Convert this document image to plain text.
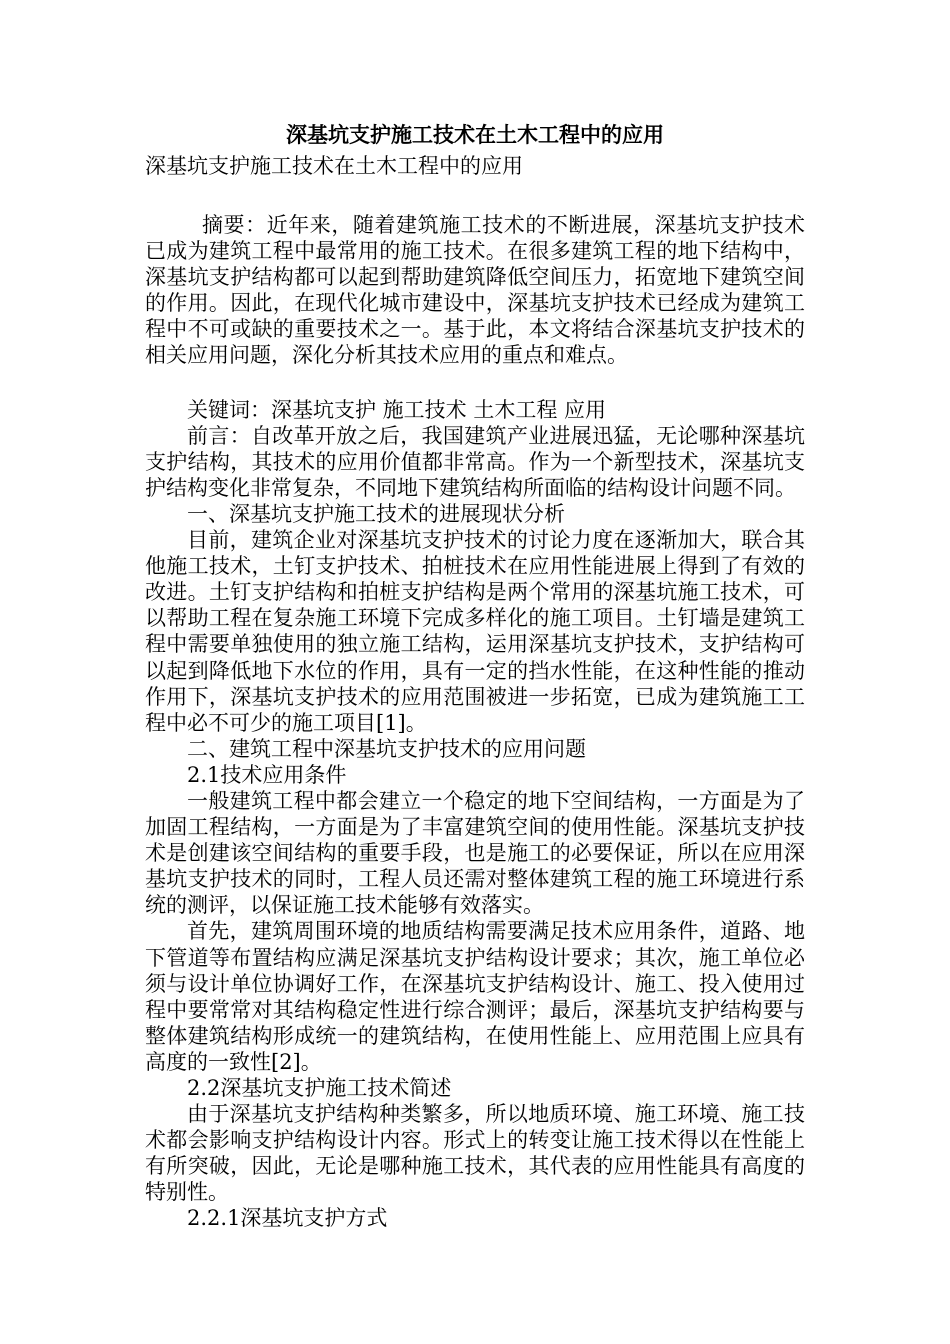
深基坑支护施工技术在土木工程中的应用
深基坑支护施工技术在土木工程中的应用

摘要：近年来，随着建筑施工技术的不断进展，深基坑支护技术已成为建筑工程中最常用的施工技术。在很多建筑工程的地下结构中，深基坑支护结构都可以起到帮助建筑降低空间压力，拓宽地下建筑空间的作用。因此，在现代化城市建设中，深基坑支护技术已经成为建筑工程中不可或缺的重要技术之一。基于此，本文将结合深基坑支护技术的相关应用问题，深化分析其技术应用的重点和难点。

关键词：深基坑支护 施工技术 土木工程 应用

前言：自改革开放之后，我国建筑产业进展迅猛，无论哪种深基坑支护结构，其技术的应用价值都非常高。作为一个新型技术，深基坑支护结构变化非常复杂，不同地下建筑结构所面临的结构设计问题不同。

一、深基坑支护施工技术的进展现状分析

目前，建筑企业对深基坑支护技术的讨论力度在逐渐加大，联合其他施工技术，土钉支护技术、拍桩技术在应用性能进展上得到了有效的改进。土钉支护结构和拍桩支护结构是两个常用的深基坑施工技术，可以帮助工程在复杂施工环境下完成多样化的施工项目。土钉墙是建筑工程中需要单独使用的独立施工结构，运用深基坑支护技术，支护结构可以起到降低地下水位的作用，具有一定的挡水性能，在这种性能的推动作用下，深基坑支护技术的应用范围被进一步拓宽，已成为建筑施工工程中必不可少的施工项目[1]。

二、建筑工程中深基坑支护技术的应用问题

2.1技术应用条件

一般建筑工程中都会建立一个稳定的地下空间结构，一方面是为了加固工程结构，一方面是为了丰富建筑空间的使用性能。深基坑支护技术是创建该空间结构的重要手段，也是施工的必要保证，所以在应用深基坑支护技术的同时，工程人员还需对整体建筑工程的施工环境进行系统的测评，以保证施工技术能够有效落实。

首先，建筑周围环境的地质结构需要满足技术应用条件，道路、地下管道等布置结构应满足深基坑支护结构设计要求；其次，施工单位必须与设计单位协调好工作，在深基坑支护结构设计、施工、投入使用过程中要常常对其结构稳定性进行综合测评；最后，深基坑支护结构要与整体建筑结构形成统一的建筑结构，在使用性能上、应用范围上应具有高度的一致性[2]。

2.2深基坑支护施工技术简述

由于深基坑支护结构种类繁多，所以地质环境、施工环境、施工技术都会影响支护结构设计内容。形式上的转变让施工技术得以在性能上有所突破，因此，无论是哪种施工技术，其代表的应用性能具有高度的特别性。

2.2.1深基坑支护方式
